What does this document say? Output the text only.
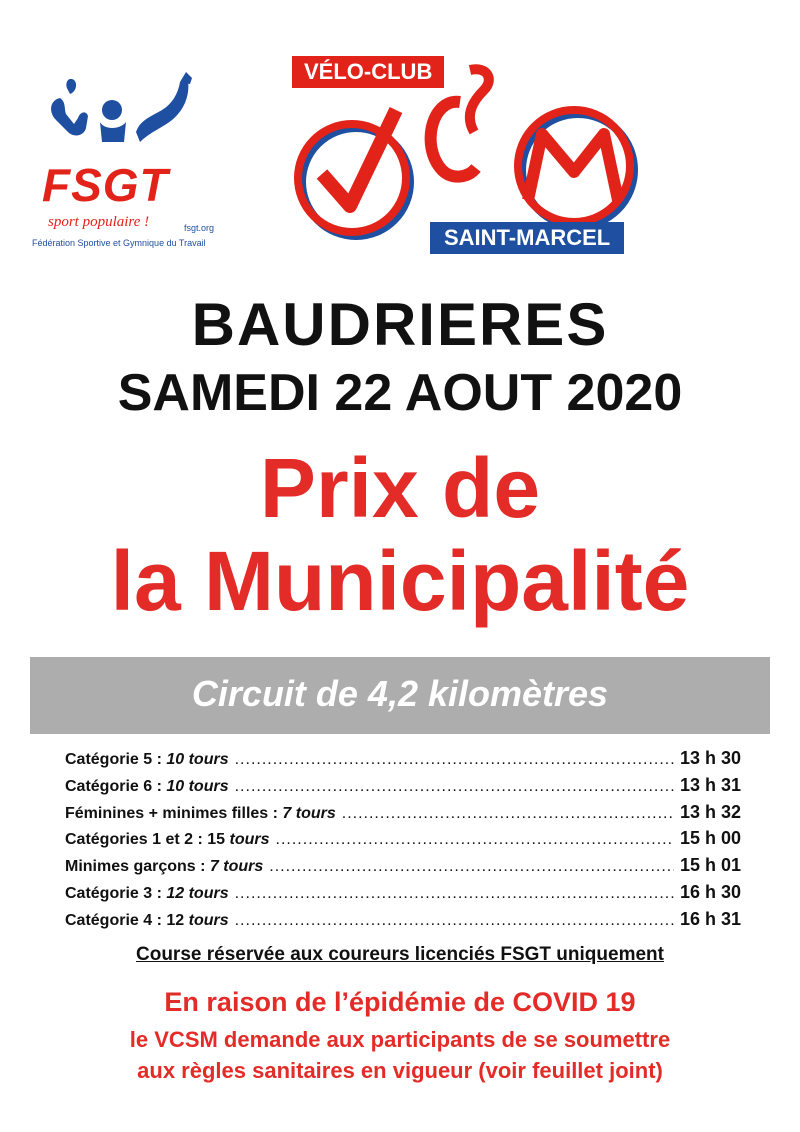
FSGT
sport populaire !	fsgt.org
Fédération Sportive et Gymnique du Travail
VÉLO-CLUB
SAINT-MARCEL
BAUDRIERES
SAMEDI 22 AOUT 2020
Prix de
la Municipalité
Circuit de 4,2 kilomètres
Catégorie 5 : 10 tours .....	13 h 30
Catégorie 6 : 10 tours .....	13 h 31
Féminines + minimes filles : 7 tours .....	13 h 32
Catégories 1 et 2 : 15 tours .....	15 h 00
Minimes garçons : 7 tours .....	15 h 01
Catégorie 3 : 12 tours .....	16 h 30
Catégorie 4 : 12 tours .....	16 h 31
Course réservée aux coureurs licenciés FSGT uniquement
En raison de l’épidémie de COVID 19
le VCSM demande aux participants de se soumettre
aux règles sanitaires en vigueur (voir feuillet joint)
